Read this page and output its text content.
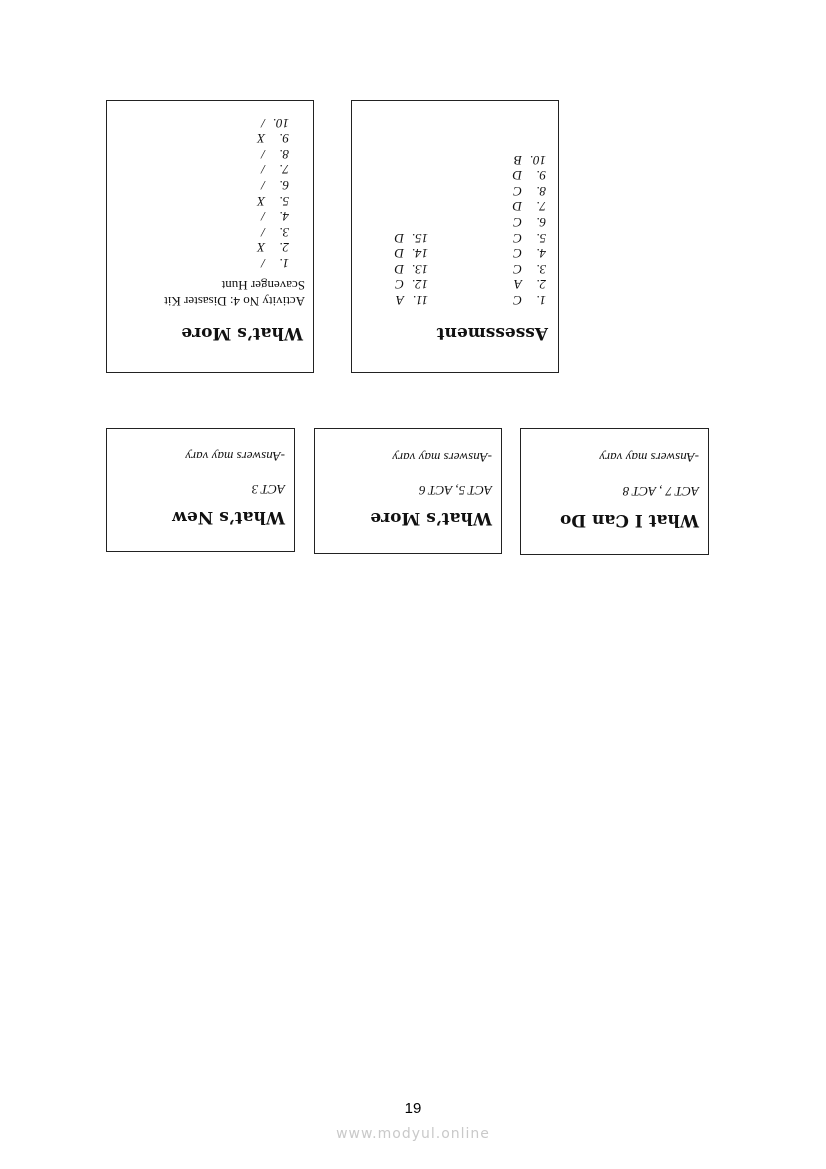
What’s More
Activity No 4: Disaster Kit
Scavenger Hunt
1./
2.X
3./
4./
5.X
6./
7./
8./
9.X
10./
Assessment
1.C
2.A
3.C
4.C
5.C
6.C
7.D
8.C
9.D
10.B
11.A
12.C
13.D
14.D
15.D
What’s New
ACT 3
-Answers may vary
What’s More
ACT 5, ACT 6
-Answers may vary
What I Can Do
ACT 7 , ACT 8
-Answers may vary
19
www.modyul.online
